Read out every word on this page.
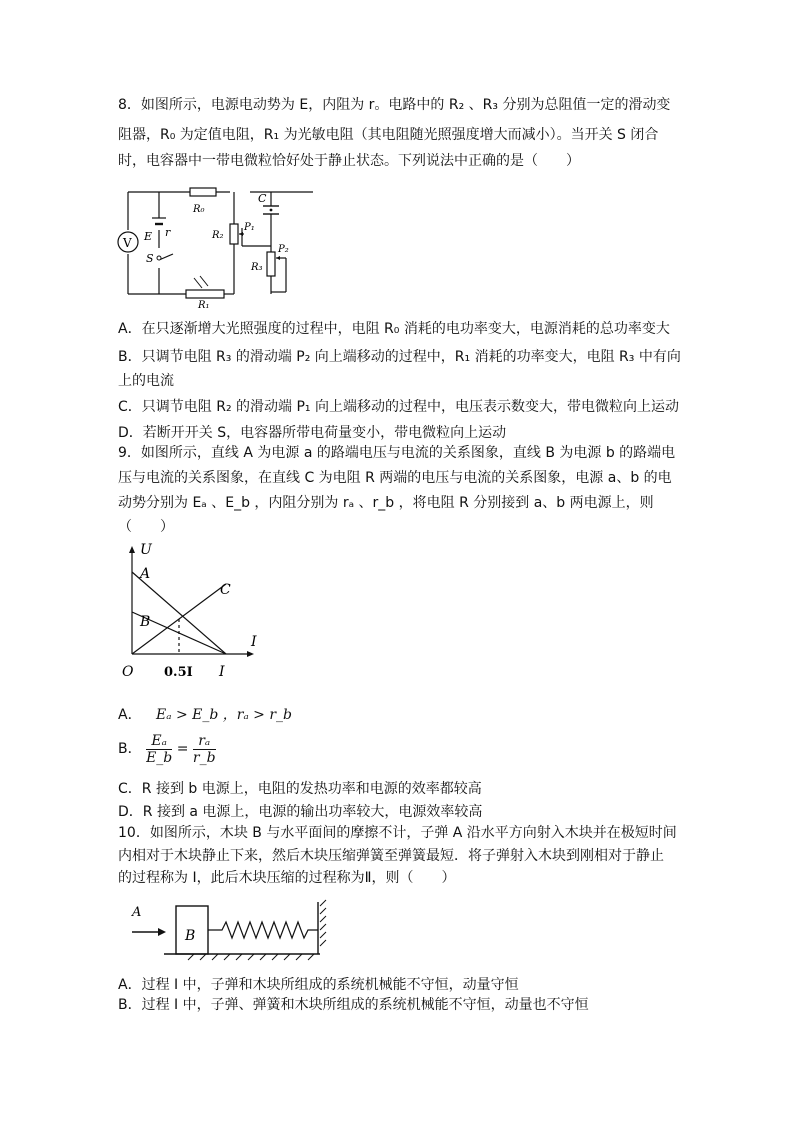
8．如图所示，电源电动势为 E，内阻为 r。电路中的 R₂ 、R₃ 分别为总阻值一定的滑动变
阻器，R₀ 为定值电阻，R₁ 为光敏电阻（其电阻随光照强度增大而减小）。当开关 S 闭合
时，电容器中一带电微粒恰好处于静止状态。下列说法中正确的是（　　）
V E r
S
R₀
R₁
R₂
P₁
C
R₃
P₂
A．在只逐渐增大光照强度的过程中，电阻 R₀ 消耗的电功率变大，电源消耗的总功率变大
B．只调节电阻 R₃ 的滑动端 P₂ 向上端移动的过程中，R₁ 消耗的功率变大，电阻 R₃ 中有向
上的电流
C．只调节电阻 R₂ 的滑动端 P₁ 向上端移动的过程中，电压表示数变大，带电微粒向上运动
D．若断开开关 S，电容器所带电荷量变小，带电微粒向上运动
9．如图所示，直线 A 为电源 a 的路端电压与电流的关系图象，直线 B 为电源 b 的路端电
压与电流的关系图象，在直线 C 为电阻 R 两端的电压与电流的关系图象，电源 a、b 的电
动势分别为 Eₐ 、E_b ，内阻分别为 rₐ 、r_b ，将电阻 R 分别接到 a、b 两电源上，则
（　　）
U
I
O 0.5I I
A
B
C
A． Eₐ > E_b ，rₐ > r_b
B． $\frac{\text{Eₐ}}{E\_b} = \frac{\text{rₐ}}{r\_b}$
C．R 接到 b 电源上，电阻的发热功率和电源的效率都较高
D．R 接到 a 电源上，电源的输出功率较大，电源效率较高
10．如图所示，木块 B 与水平面间的摩擦不计，子弹 A 沿水平方向射入木块并在极短时间
内相对于木块静止下来，然后木块压缩弹簧至弹簧最短．将子弹射入木块到刚相对于静止
的过程称为 I，此后木块压缩的过程称为Ⅱ，则（　　）
A
B
A．过程 I 中，子弹和木块所组成的系统机械能不守恒，动量守恒
B．过程 I 中，子弹、弹簧和木块所组成的系统机械能不守恒，动量也不守恒
